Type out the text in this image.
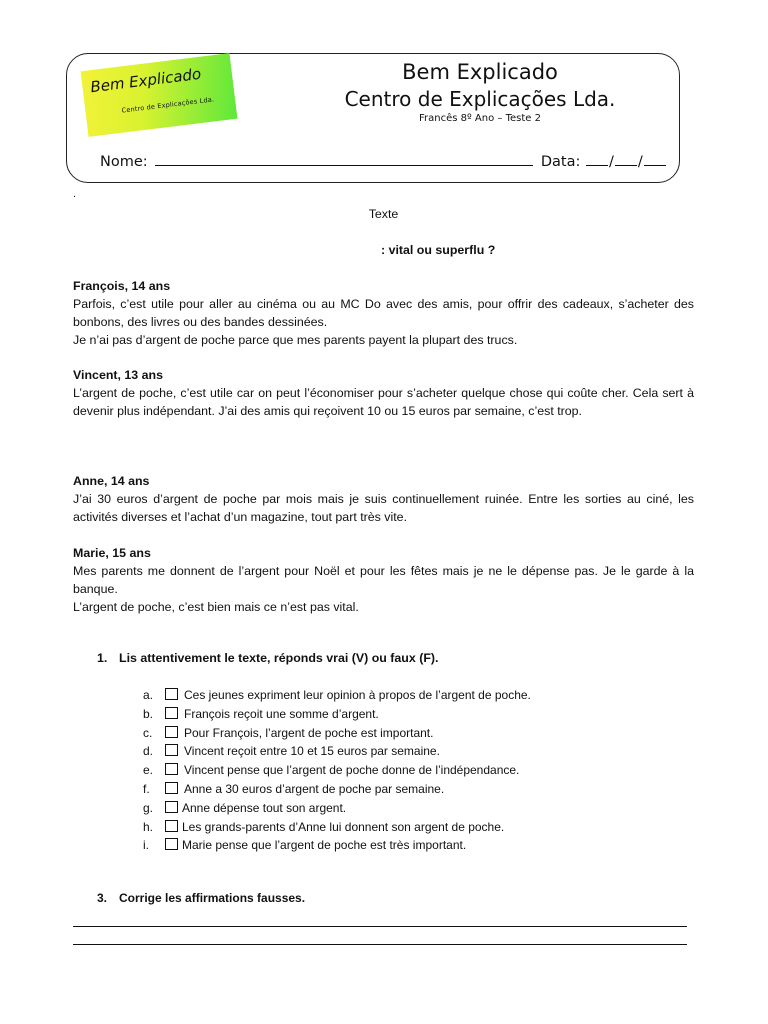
Bem Explicado
Centro de Explicações Lda.
Bem Explicado
Centro de Explicações Lda.
Francês 8º Ano – Teste 2
Nome:	Data: / /
.
Texte
: vital ou superflu ?
François, 14 ans
Parfois, c’est utile pour aller au cinéma ou au MC Do avec des amis, pour offrir des cadeaux, s’acheter des bonbons, des livres ou des bandes dessinées.
Je n’ai pas d’argent de poche parce que mes parents payent la plupart des trucs.
Vincent, 13 ans
L’argent de poche, c’est utile car on peut l’économiser pour s’acheter quelque chose qui coûte cher. Cela sert à devenir plus indépendant. J’ai des amis qui reçoivent 10 ou 15 euros par semaine, c’est trop.
Anne, 14 ans
J’ai 30 euros d’argent de poche par mois mais je suis continuellement ruinée. Entre les sorties au ciné, les activités diverses et l’achat d’un magazine, tout part très vite.
Marie, 15 ans
Mes parents me donnent de l’argent pour Noël et pour les fêtes mais je ne le dépense pas. Je le garde à la banque.
L’argent de poche, c’est bien mais ce n’est pas vital.
1. Lis attentivement le texte, réponds vrai (V) ou faux (F).
a.	Ces jeunes expriment leur opinion à propos de l’argent de poche.
b.	François reçoit une somme d’argent.
c.	Pour François, l’argent de poche est important.
d.	Vincent reçoit entre 10 et 15 euros par semaine.
e.	Vincent pense que l’argent de poche donne de l’indépendance.
f.	Anne a 30 euros d’argent de poche par semaine.
g. Anne dépense tout son argent.
h. Les grands-parents d’Anne lui donnent son argent de poche.
i.	Marie pense que l’argent de poche est très important.
3. Corrige les affirmations fausses.
